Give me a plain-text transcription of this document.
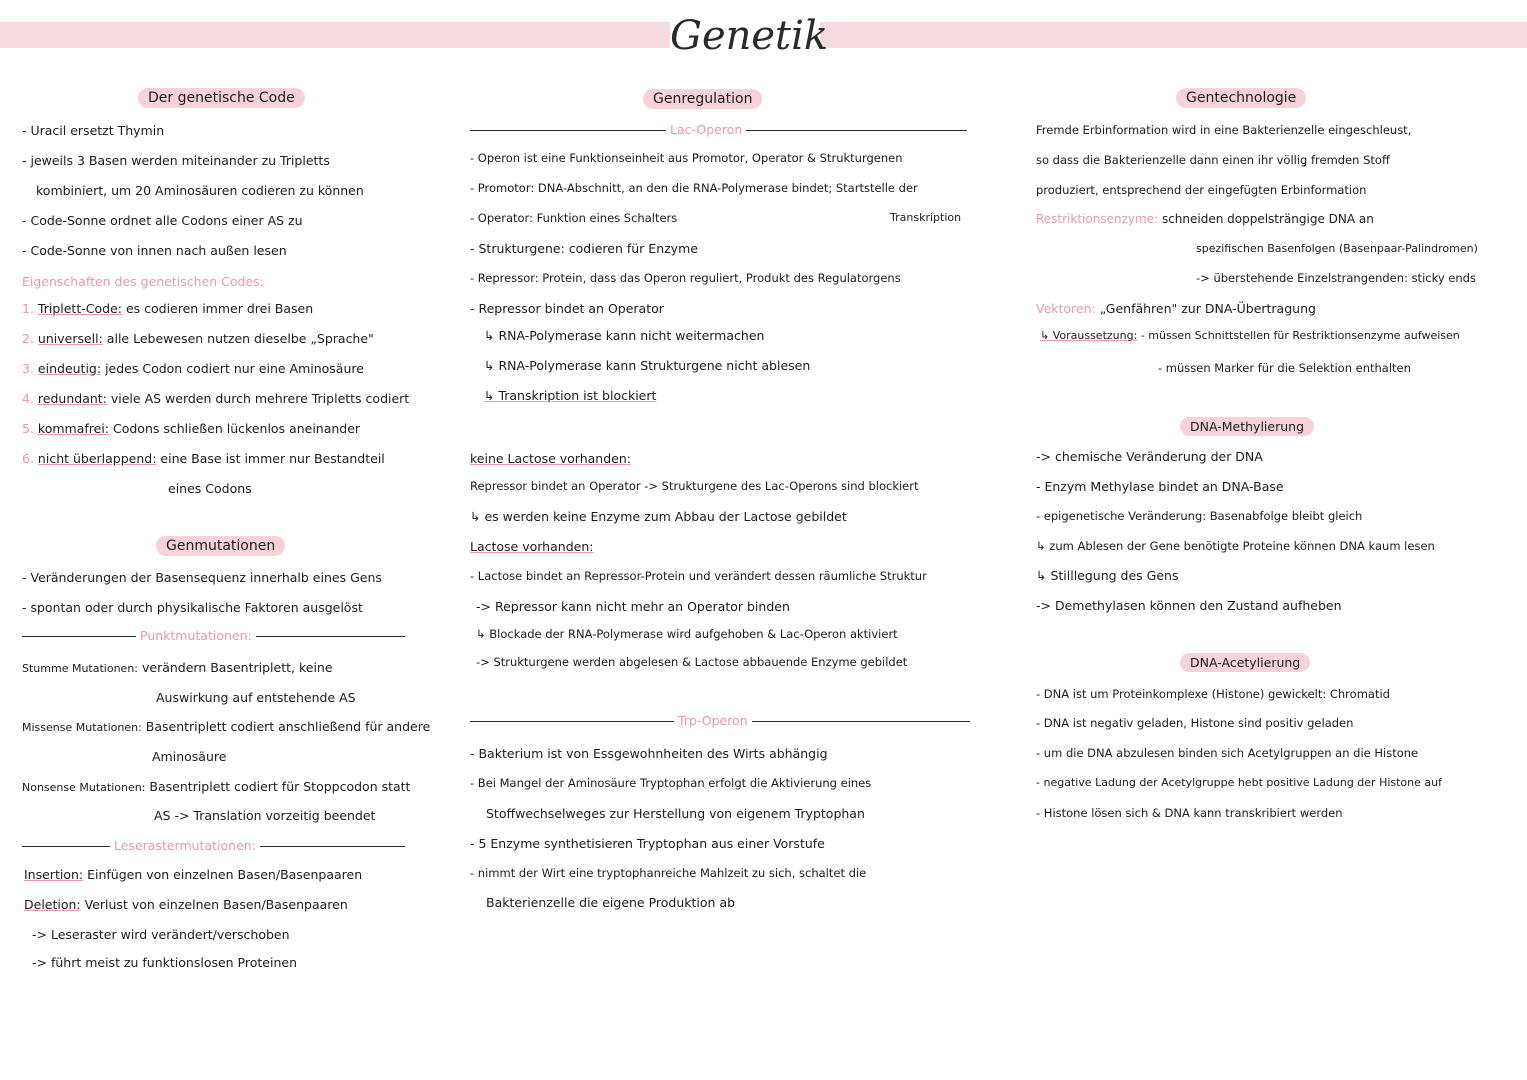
Genetik
Der genetische Code
- Uracil ersetzt Thymin
- jeweils 3 Basen werden miteinander zu Tripletts
kombiniert, um 20 Aminosäuren codieren zu können
- Code-Sonne ordnet alle Codons einer AS zu
- Code-Sonne von innen nach außen lesen
Eigenschaften des genetischen Codes:
1. Triplett-Code: es codieren immer drei Basen
2. universell: alle Lebewesen nutzen dieselbe „Sprache"
3. eindeutig: jedes Codon codiert nur eine Aminosäure
4. redundant: viele AS werden durch mehrere Tripletts codiert
5. kommafrei: Codons schließen lückenlos aneinander
6. nicht überlappend: eine Base ist immer nur Bestandteil
eines Codons
Genmutationen
- Veränderungen der Basensequenz innerhalb eines Gens
- spontan oder durch physikalische Faktoren ausgelöst
Punktmutationen:
Stumme Mutationen: verändern Basentriplett, keine
Auswirkung auf entstehende AS
Missense Mutationen: Basentriplett codiert anschließend für andere
Aminosäure
Nonsense Mutationen: Basentriplett codiert für Stoppcodon statt
AS -> Translation vorzeitig beendet
Leserastermutationen:
Insertion: Einfügen von einzelnen Basen/Basenpaaren
Deletion: Verlust von einzelnen Basen/Basenpaaren
-> Leseraster wird verändert/verschoben
-> führt meist zu funktionslosen Proteinen
Genregulation
Lac-Operon
- Operon ist eine Funktionseinheit aus Promotor, Operator & Strukturgenen
- Promotor: DNA-Abschnitt, an den die RNA-Polymerase bindet; Startstelle der
- Operator: Funktion eines Schalters	Transkription
- Strukturgene: codieren für Enzyme
- Repressor: Protein, dass das Operon reguliert, Produkt des Regulatorgens
- Repressor bindet an Operator
↳ RNA-Polymerase kann nicht weitermachen
↳ RNA-Polymerase kann Strukturgene nicht ablesen
↳ Transkription ist blockiert
keine Lactose vorhanden:
Repressor bindet an Operator -> Strukturgene des Lac-Operons sind blockiert
↳ es werden keine Enzyme zum Abbau der Lactose gebildet
Lactose vorhanden:
- Lactose bindet an Repressor-Protein und verändert dessen räumliche Struktur
-> Repressor kann nicht mehr an Operator binden
↳ Blockade der RNA-Polymerase wird aufgehoben & Lac-Operon aktiviert
-> Strukturgene werden abgelesen & Lactose abbauende Enzyme gebildet
Trp-Operon
- Bakterium ist von Essgewohnheiten des Wirts abhängig
- Bei Mangel der Aminosäure Tryptophan erfolgt die Aktivierung eines
Stoffwechselweges zur Herstellung von eigenem Tryptophan
- 5 Enzyme synthetisieren Tryptophan aus einer Vorstufe
- nimmt der Wirt eine tryptophanreiche Mahlzeit zu sich, schaltet die
Bakterienzelle die eigene Produktion ab
Gentechnologie
Fremde Erbinformation wird in eine Bakterienzelle eingeschleust,
so dass die Bakterienzelle dann einen ihr völlig fremden Stoff
produziert, entsprechend der eingefügten Erbinformation
Restriktionsenzyme: schneiden doppelsträngige DNA an
spezifischen Basenfolgen (Basenpaar-Palindromen)
-> überstehende Einzelstrangenden: sticky ends
Vektoren: „Genfähren" zur DNA-Übertragung
↳ Voraussetzung: - müssen Schnittstellen für Restriktionsenzyme aufweisen
- müssen Marker für die Selektion enthalten
DNA-Methylierung
-> chemische Veränderung der DNA
- Enzym Methylase bindet an DNA-Base
- epigenetische Veränderung: Basenabfolge bleibt gleich
↳ zum Ablesen der Gene benötigte Proteine können DNA kaum lesen
↳ Stilllegung des Gens
-> Demethylasen können den Zustand aufheben
DNA-Acetylierung
- DNA ist um Proteinkomplexe (Histone) gewickelt: Chromatid
- DNA ist negativ geladen, Histone sind positiv geladen
- um die DNA abzulesen binden sich Acetylgruppen an die Histone
- negative Ladung der Acetylgruppe hebt positive Ladung der Histone auf
- Histone lösen sich & DNA kann transkribiert werden
